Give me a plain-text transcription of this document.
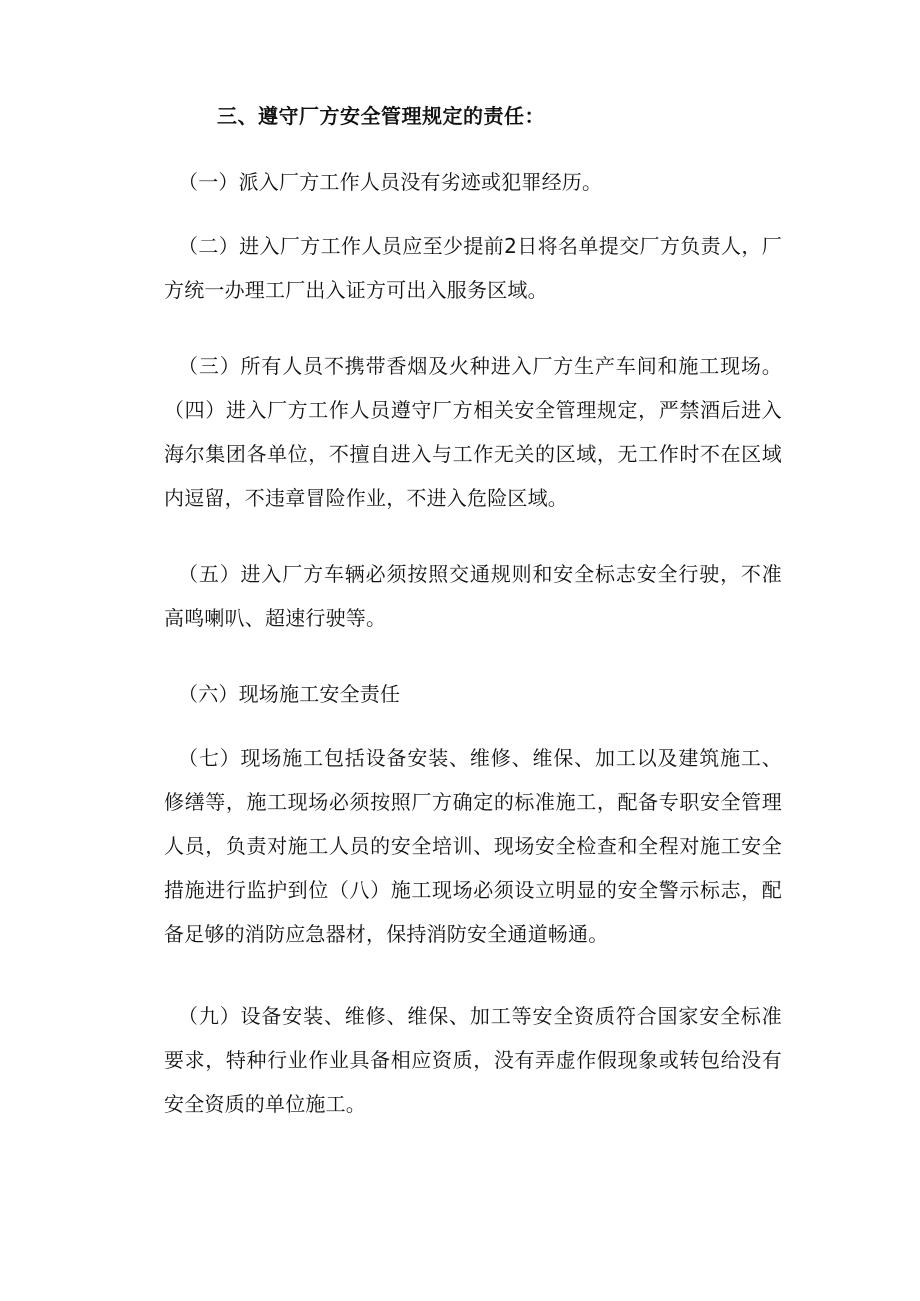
三、遵守厂方安全管理规定的责任：

（一）派入厂方工作人员没有劣迹或犯罪经历。

（二）进入厂方工作人员应至少提前2日将名单提交厂方负责人，厂方统一办理工厂出入证方可出入服务区域。

（三）所有人员不携带香烟及火种进入厂方生产车间和施工现场。（四）进入厂方工作人员遵守厂方相关安全管理规定，严禁酒后进入海尔集团各单位，不擅自进入与工作无关的区域，无工作时不在区域内逗留，不违章冒险作业，不进入危险区域。

（五）进入厂方车辆必须按照交通规则和安全标志安全行驶，不准高鸣喇叭、超速行驶等。

（六）现场施工安全责任

（七）现场施工包括设备安装、维修、维保、加工以及建筑施工、修缮等，施工现场必须按照厂方确定的标准施工，配备专职安全管理人员，负责对施工人员的安全培训、现场安全检查和全程对施工安全措施进行监护到位（八）施工现场必须设立明显的安全警示标志，配备足够的消防应急器材，保持消防安全通道畅通。

（九）设备安装、维修、维保、加工等安全资质符合国家安全标准要求，特种行业作业具备相应资质，没有弄虚作假现象或转包给没有安全资质的单位施工。
